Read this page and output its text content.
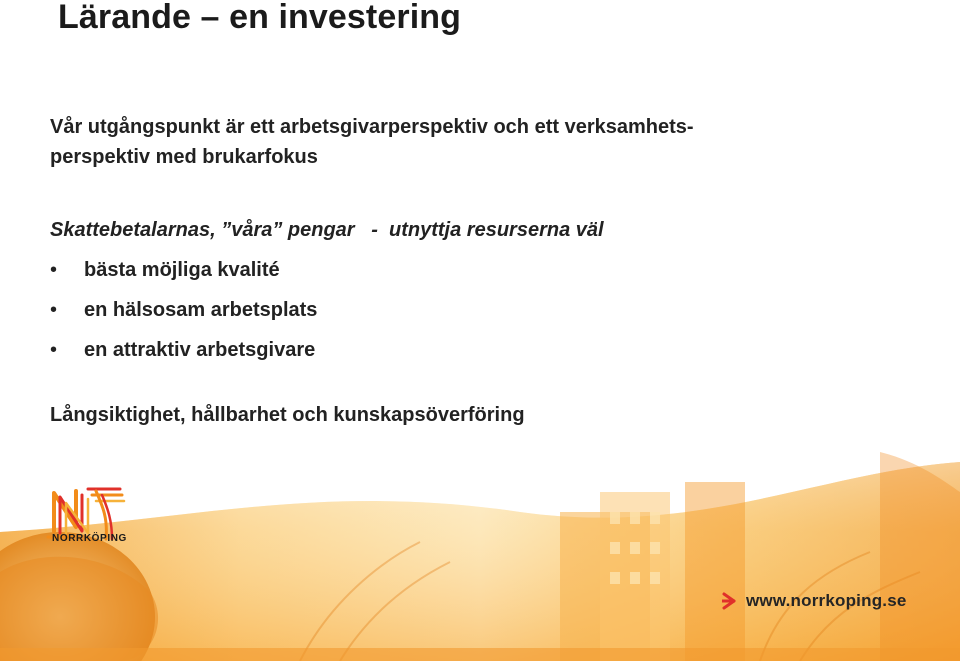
Lärande – en investering
Vår utgångspunkt är ett arbetsgivarperspektiv och ett verksamhets-
perspektiv med brukarfokus
Skattebetalarnas, ”våra” pengar   -  utnyttja resurserna väl
• bästa möjliga kvalité
• en hälsosam arbetsplats
• en attraktiv arbetsgivare
Långsiktighet, hållbarhet och kunskapsöverföring
NORRKÖPING
www.norrkoping.se
